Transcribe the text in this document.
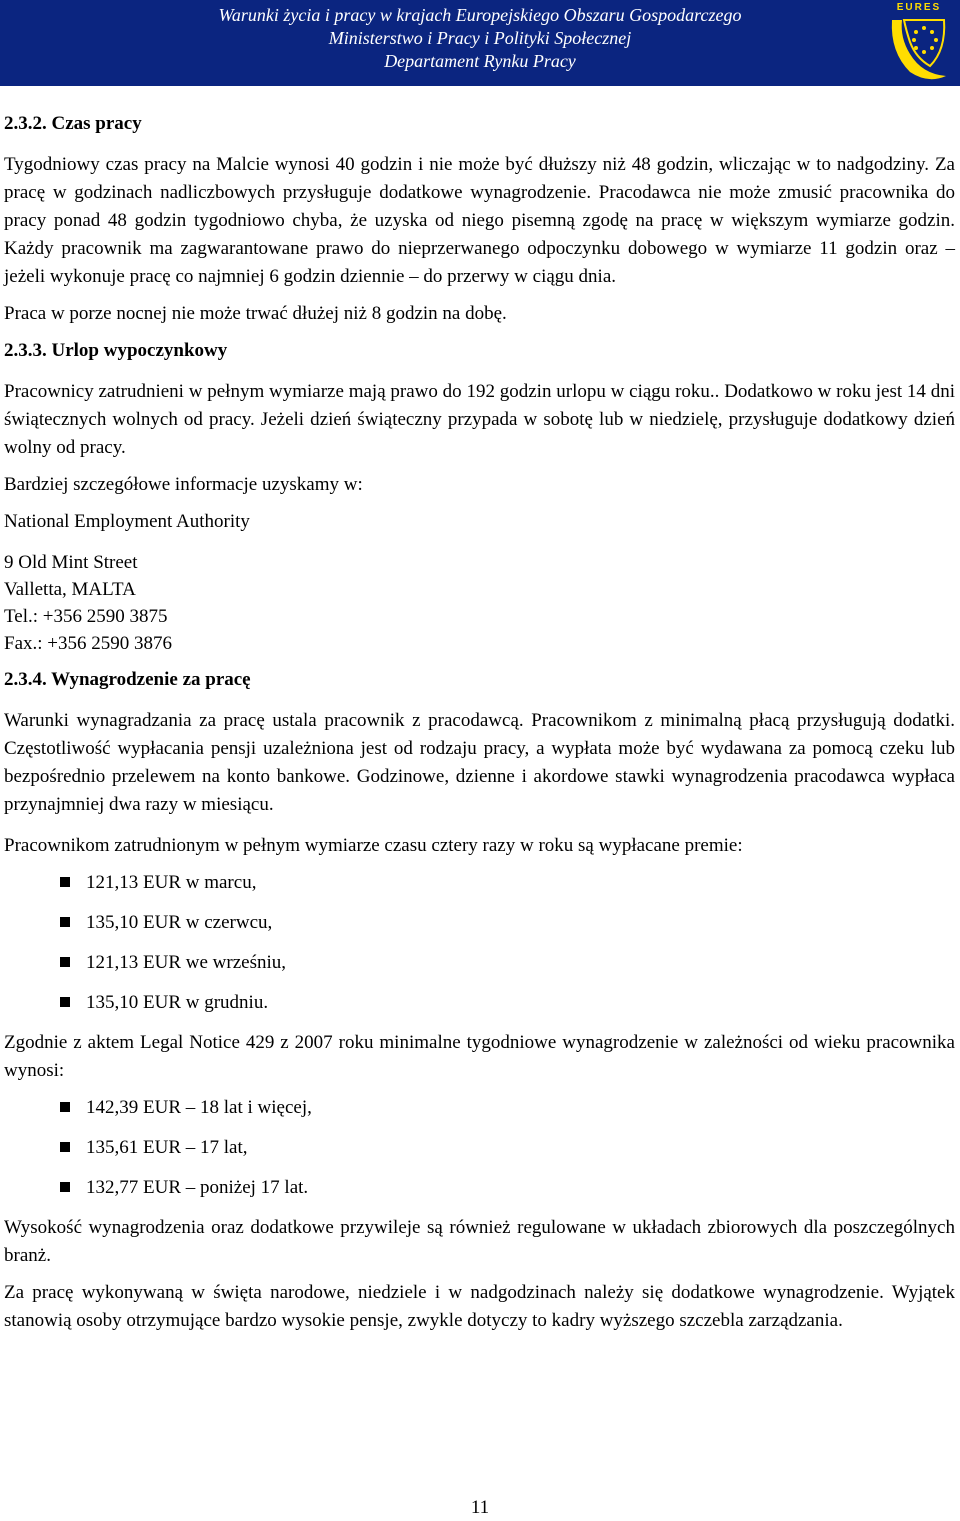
Warunki życia i pracy w krajach Europejskiego Obszaru Gospodarczego
Ministerstwo i Pracy i Polityki Społecznej
Departament Rynku Pracy
EURES
2.3.2. Czas pracy

Tygodniowy czas pracy na Malcie wynosi 40 godzin i nie może być dłuższy niż 48 godzin, wliczając w to nadgodziny. Za pracę w godzinach nadliczbowych przysługuje dodatkowe wynagrodzenie. Pracodawca nie może zmusić pracownika do pracy ponad 48 godzin tygodniowo chyba, że uzyska od niego pisemną zgodę na pracę w większym wymiarze godzin. Każdy pracownik ma zagwarantowane prawo do nieprzerwanego odpoczynku dobowego w wymiarze 11 godzin oraz – jeżeli wykonuje pracę co najmniej 6 godzin dziennie – do przerwy w ciągu dnia.

Praca w porze nocnej nie może trwać dłużej niż 8 godzin na dobę.

2.3.3. Urlop wypoczynkowy

Pracownicy zatrudnieni w pełnym wymiarze mają prawo do 192 godzin urlopu w ciągu roku.. Dodatkowo w roku jest 14 dni świątecznych wolnych od pracy. Jeżeli dzień świąteczny przypada w sobotę lub w niedzielę, przysługuje dodatkowy dzień wolny od pracy.

Bardziej szczegółowe informacje uzyskamy w:

National Employment Authority

9 Old Mint Street

Valletta, MALTA

Tel.: +356 2590 3875

Fax.: +356 2590 3876

2.3.4. Wynagrodzenie za pracę

Warunki wynagradzania za pracę ustala pracownik z pracodawcą. Pracownikom z minimalną płacą przysługują dodatki. Częstotliwość wypłacania pensji uzależniona jest od rodzaju pracy, a wypłata może być wydawana za pomocą czeku lub bezpośrednio przelewem na konto bankowe. Godzinowe, dzienne i akordowe stawki wynagrodzenia pracodawca wypłaca przynajmniej dwa razy w miesiącu.

Pracownikom zatrudnionym w pełnym wymiarze czasu cztery razy w roku są wypłacane premie:

121,13 EUR w marcu,
135,10 EUR w czerwcu,
121,13 EUR we wrześniu,
135,10 EUR w grudniu.

Zgodnie z aktem Legal Notice 429 z 2007 roku minimalne tygodniowe wynagrodzenie w zależności od wieku pracownika wynosi:

142,39 EUR – 18 lat i więcej,
135,61 EUR – 17 lat,
132,77 EUR – poniżej 17 lat.

Wysokość wynagrodzenia oraz dodatkowe przywileje są również regulowane w układach zbiorowych dla poszczególnych branż.

Za pracę wykonywaną w święta narodowe, niedziele i w nadgodzinach należy się dodatkowe wynagrodzenie. Wyjątek stanowią osoby otrzymujące bardzo wysokie pensje, zwykle dotyczy to kadry wyższego szczebla zarządzania.

11
